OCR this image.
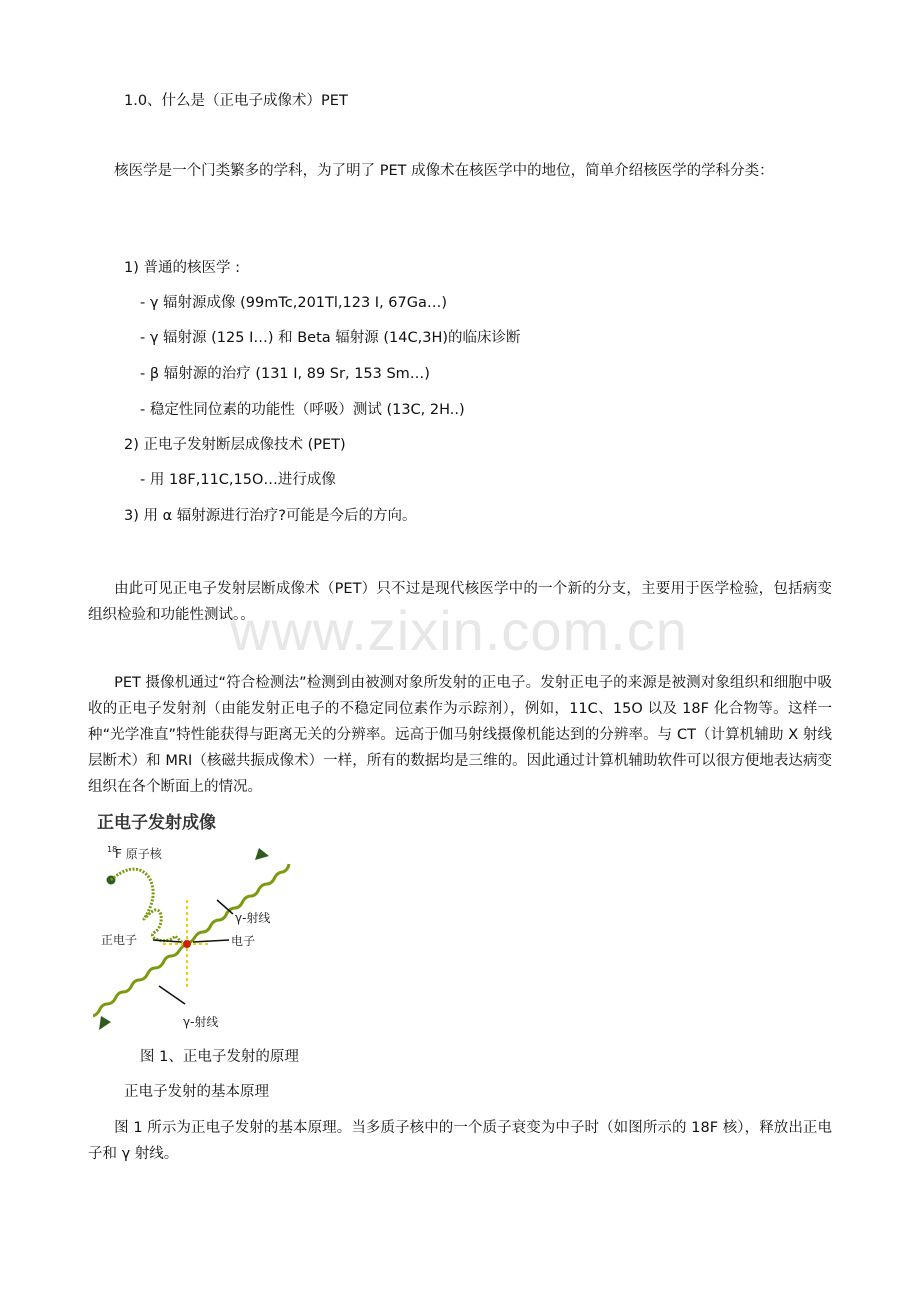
www.zixin.com.cn
1.0、什么是（正电子成像术）PET
核医学是一个门类繁多的学科，为了明了 PET 成像术在核医学中的地位，简单介绍核医学的学科分类：
1) 普通的核医学 :
- γ 辐射源成像 (99mTc,201Tl,123 I, 67Ga…)
- γ 辐射源 (125 I…) 和 Beta 辐射源 (14C,3H)的临床诊断
- β 辐射源的治疗 (131 I, 89 Sr, 153 Sm…)
- 稳定性同位素的功能性（呼吸）测试 (13C, 2H..)
2) 正电子发射断层成像技术 (PET)
- 用 18F,11C,15O…进行成像
3) 用 α 辐射源进行治疗?可能是今后的方向。
由此可见正电子发射层断成像术（PET）只不过是现代核医学中的一个新的分支，主要用于医学检验，包括病变组织检验和功能性测试。。
PET 摄像机通过“符合检测法”检测到由被测对象所发射的正电子。发射正电子的来源是被测对象组织和细胞中吸收的正电子发射剂（由能发射正电子的不稳定同位素作为示踪剂），例如，11C、15O 以及 18F 化合物等。这样一种“光学准直”特性能获得与距离无关的分辨率。远高于伽马射线摄像机能达到的分辨率。与 CT（计算机辅助 X 射线层断术）和 MRI（核磁共振成像术）一样，所有的数据均是三维的。因此通过计算机辅助软件可以很方便地表达病变组织在各个断面上的情况。
正电子发射成像
18
F 原子核
γ-射线
正电子	电子
γ-射线
图 1、正电子发射的原理
正电子发射的基本原理
图 1 所示为正电子发射的基本原理。当多质子核中的一个质子衰变为中子时（如图所示的 18F 核），释放出正电子和 γ 射线。
